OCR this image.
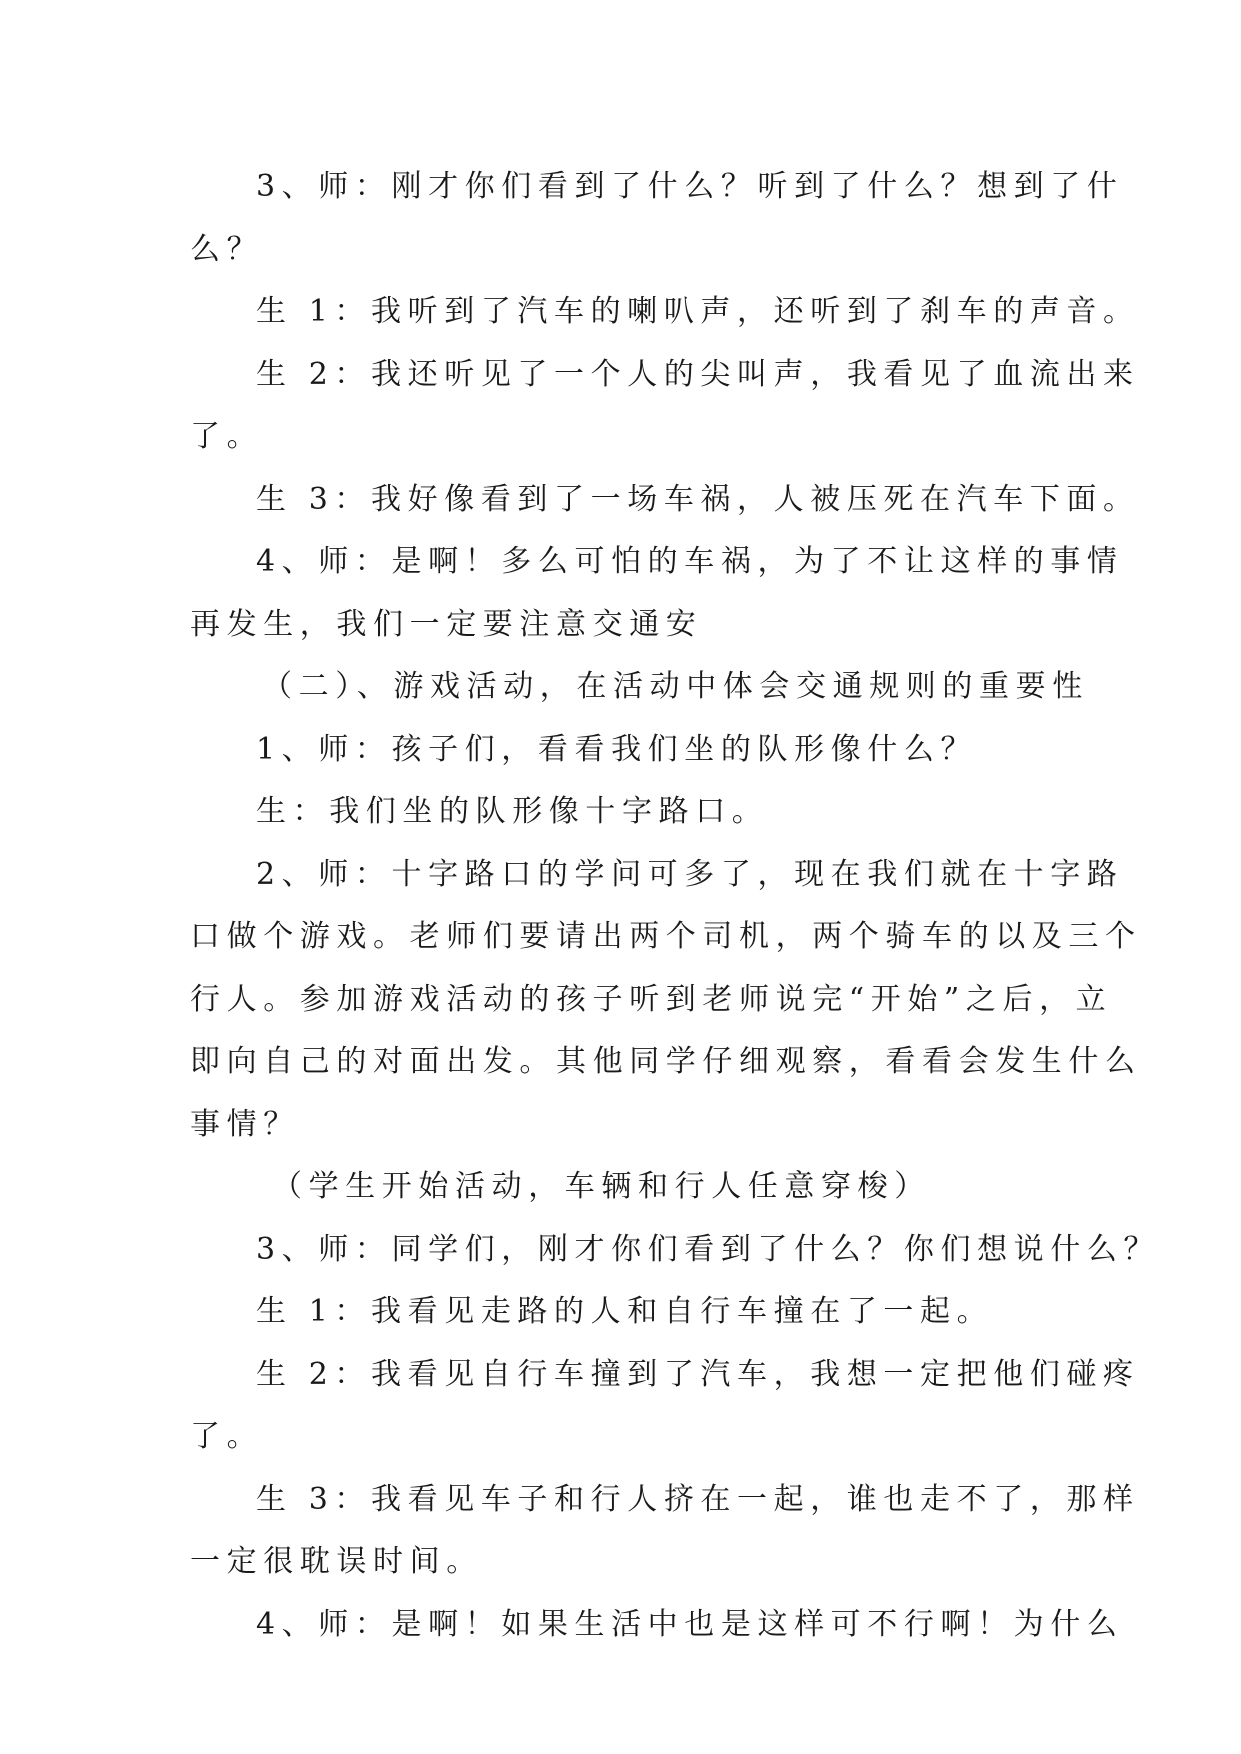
3、师：刚才你们看到了什么？听到了什么？想到了什
么？
生 1：我听到了汽车的喇叭声，还听到了刹车的声音。
生 2：我还听见了一个人的尖叫声，我看见了血流出来
了。
生 3：我好像看到了一场车祸，人被压死在汽车下面。
4、师：是啊！多么可怕的车祸，为了不让这样的事情
再发生，我们一定要注意交通安
（二）、游戏活动，在活动中体会交通规则的重要性
1、师：孩子们，看看我们坐的队形像什么？
生：我们坐的队形像十字路口。
2、师：十字路口的学问可多了，现在我们就在十字路
口做个游戏。老师们要请出两个司机，两个骑车的以及三个
行人。参加游戏活动的孩子听到老师说完“开始”之后，立
即向自己的对面出发。其他同学仔细观察，看看会发生什么
事情？
（学生开始活动，车辆和行人任意穿梭）
3、师：同学们，刚才你们看到了什么？你们想说什么？
生 1：我看见走路的人和自行车撞在了一起。
生 2：我看见自行车撞到了汽车，我想一定把他们碰疼
了。
生 3：我看见车子和行人挤在一起，谁也走不了，那样
一定很耽误时间。
4、师：是啊！如果生活中也是这样可不行啊！为什么
